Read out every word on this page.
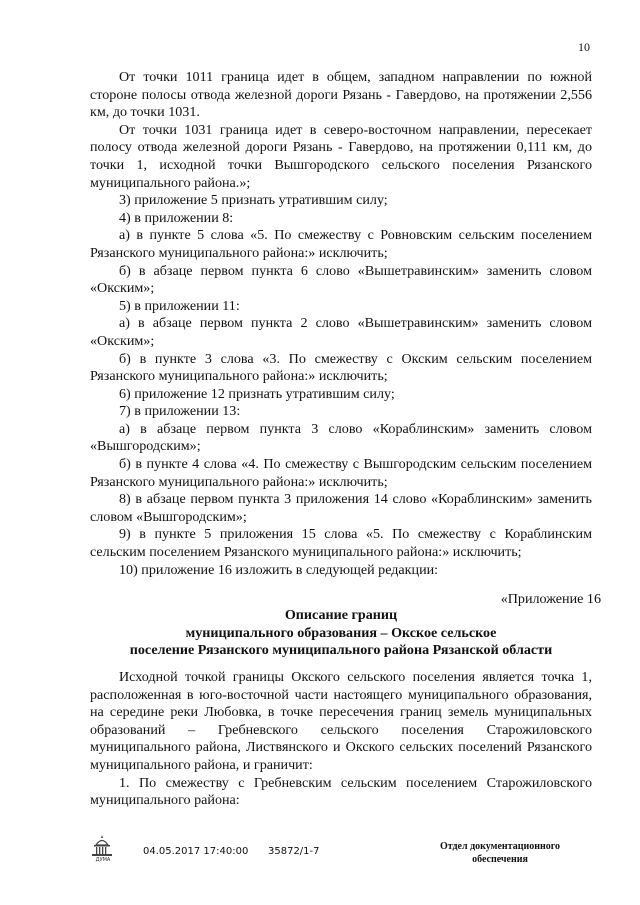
10

От точки 1011 граница идет в общем, западном направлении по южной стороне полосы отвода железной дороги Рязань - Гавердово, на протяжении 2,556 км, до точки 1031.

От точки 1031 граница идет в северо-восточном направлении, пересекает полосу отвода железной дороги Рязань - Гавердово, на протяжении 0,111 км, до точки 1, исходной точки Вышгородского сельского поселения Рязанского муниципального района.»;

3) приложение 5 признать утратившим силу;

4) в приложении 8:

а) в пункте 5 слова «5. По смежеству с Ровновским сельским поселением Рязанского муниципального района:» исключить;

б) в абзаце первом пункта 6 слово «Вышетравинским» заменить словом «Окским»;

5) в приложении 11:

а) в абзаце первом пункта 2 слово «Вышетравинским» заменить словом «Окским»;

б) в пункте 3 слова «3. По смежеству с Окским сельским поселением Рязанского муниципального района:» исключить;

6) приложение 12 признать утратившим силу;

7) в приложении 13:

а) в абзаце первом пункта 3 слово «Кораблинским» заменить словом «Вышгородским»;

б) в пункте 4 слова «4. По смежеству с Вышгородским сельским поселением Рязанского муниципального района:» исключить;

8) в абзаце первом пункта 3 приложения 14 слово «Кораблинским» заменить словом «Вышгородским»;

9) в пункте 5 приложения 15 слова «5. По смежеству с Кораблинским сельским поселением Рязанского муниципального района:» исключить;

10) приложение 16 изложить в следующей редакции:

«Приложение 16
Описание границ
муниципального образования – Окское сельское
поселение Рязанского муниципального района Рязанской области

Исходной точкой границы Окского сельского поселения является точка 1, расположенная в юго-восточной части настоящего муниципального образования, на середине реки Любовка, в точке пересечения границ земель муниципальных образований – Гребневского сельского поселения Старожиловского муниципального района, Листвянского и Окского сельских поселений Рязанского муниципального района, и граничит:

1. По смежеству с Гребневским сельским поселением Старожиловского муниципального района:

ДУМА
04.05.2017 17:40:00 35872/1-7	Отдел документационного
обеспечения
